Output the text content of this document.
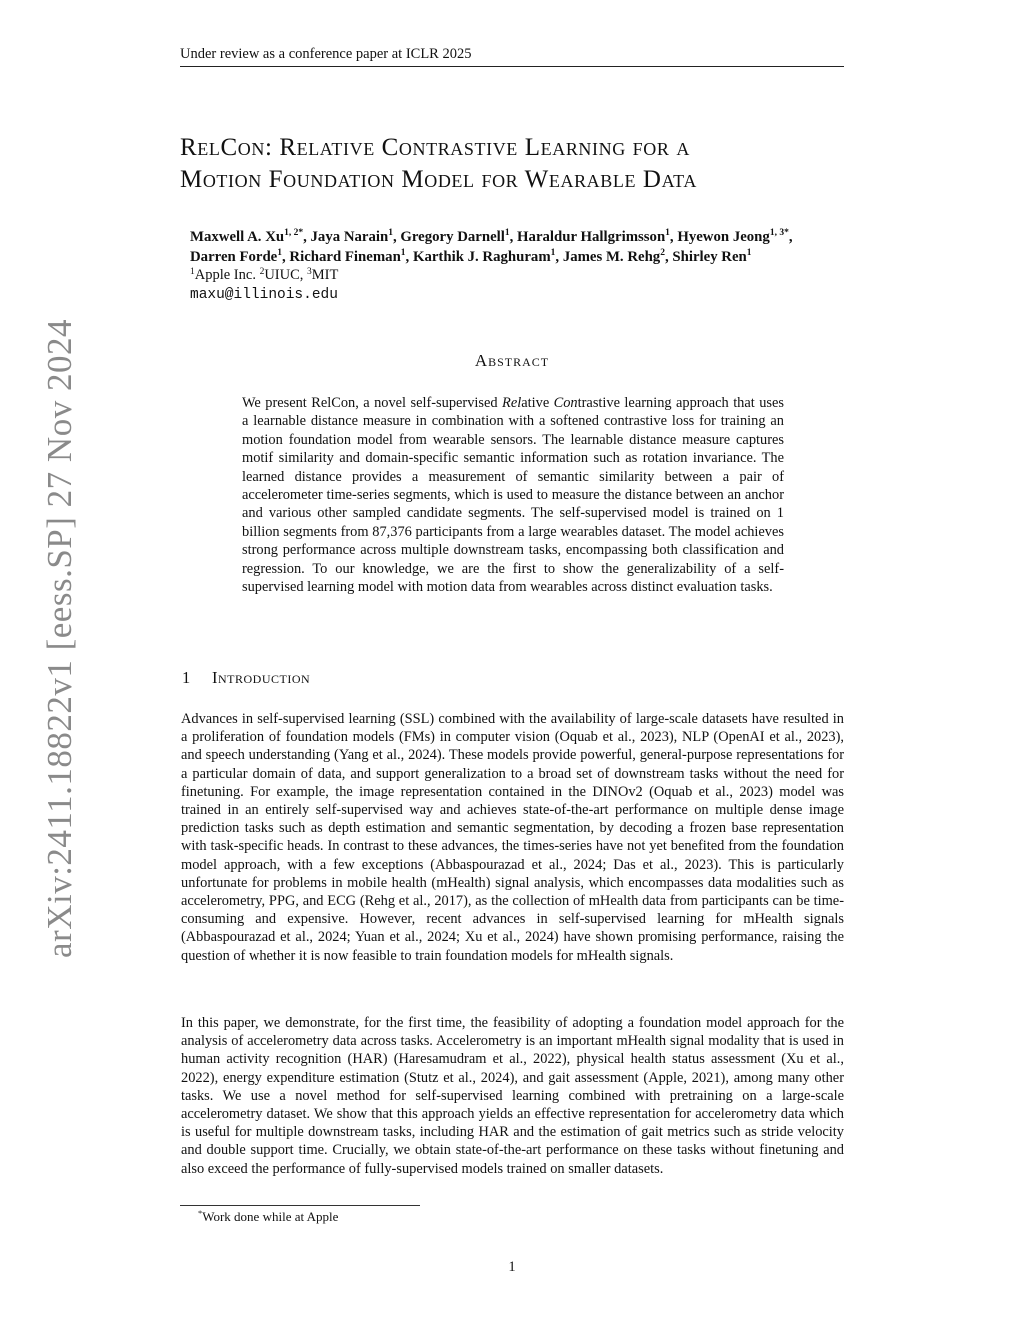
Under review as a conference paper at ICLR 2025
arXiv:2411.18822v1 [eess.SP] 27 Nov 2024
RelCon: Relative Contrastive Learning for a
Motion Foundation Model for Wearable Data
Maxwell A. $Xu^{1, 2*}$, Jaya Narain$^1$, Gregory Darnell$^1$, Haraldur Hallgrimsson$^1$, Hyewon Jeong$^{1, 3*}$,
Darren Forde$^1$, Richard Fineman$^1$, Karthik J. Raghuram$^1$, James M. Rehg$^2$, Shirley Ren$^1$
$^1$Apple Inc. $^2$UIUC, $^3$MIT
maxu@illinois.edu
Abstract
We present RelCon, a novel self-supervised Relative Contrastive learning approach that uses a learnable distance measure in combination with a softened contrastive loss for training an motion foundation model from wearable sensors. The learnable distance measure captures motif similarity and domain-specific semantic information such as rotation invariance. The learned distance provides a measurement of semantic similarity between a pair of accelerometer time-series segments, which is used to measure the distance between an anchor and various other sampled candidate segments. The self-supervised model is trained on 1 billion segments from 87,376 participants from a large wearables dataset. The model achieves strong performance across multiple downstream tasks, encompassing both classification and regression. To our knowledge, we are the first to show the generalizability of a self-supervised learning model with motion data from wearables across distinct evaluation tasks.
1 Introduction
Advances in self-supervised learning (SSL) combined with the availability of large-scale datasets have resulted in a proliferation of foundation models (FMs) in computer vision (Oquab et al., 2023), NLP (OpenAI et al., 2023), and speech understanding (Yang et al., 2024). These models provide powerful, general-purpose representations for a particular domain of data, and support generalization to a broad set of downstream tasks without the need for finetuning. For example, the image representation contained in the DINOv2 (Oquab et al., 2023) model was trained in an entirely self-supervised way and achieves state-of-the-art performance on multiple dense image prediction tasks such as depth estimation and semantic segmentation, by decoding a frozen base representation with task-specific heads. In contrast to these advances, the times-series have not yet benefited from the foundation model approach, with a few exceptions (Abbaspourazad et al., 2024; Das et al., 2023). This is particularly unfortunate for problems in mobile health (mHealth) signal analysis, which encompasses data modalities such as accelerometry, PPG, and ECG (Rehg et al., 2017), as the collection of mHealth data from participants can be time-consuming and expensive. However, recent advances in self-supervised learning for mHealth signals (Abbaspourazad et al., 2024; Yuan et al., 2024; Xu et al., 2024) have shown promising performance, raising the question of whether it is now feasible to train foundation models for mHealth signals.
In this paper, we demonstrate, for the first time, the feasibility of adopting a foundation model approach for the analysis of accelerometry data across tasks. Accelerometry is an important mHealth signal modality that is used in human activity recognition (HAR) (Haresamudram et al., 2022), physical health status assessment (Xu et al., 2022), energy expenditure estimation (Stutz et al., 2024), and gait assessment (Apple, 2021), among many other tasks. We use a novel method for self-supervised learning combined with pretraining on a large-scale accelerometry dataset. We show that this approach yields an effective representation for accelerometry data which is useful for multiple downstream tasks, including HAR and the estimation of gait metrics such as stride velocity and double support time. Crucially, we obtain state-of-the-art performance on these tasks without finetuning and also exceed the performance of fully-supervised models trained on smaller datasets.
*Work done while at Apple
1
